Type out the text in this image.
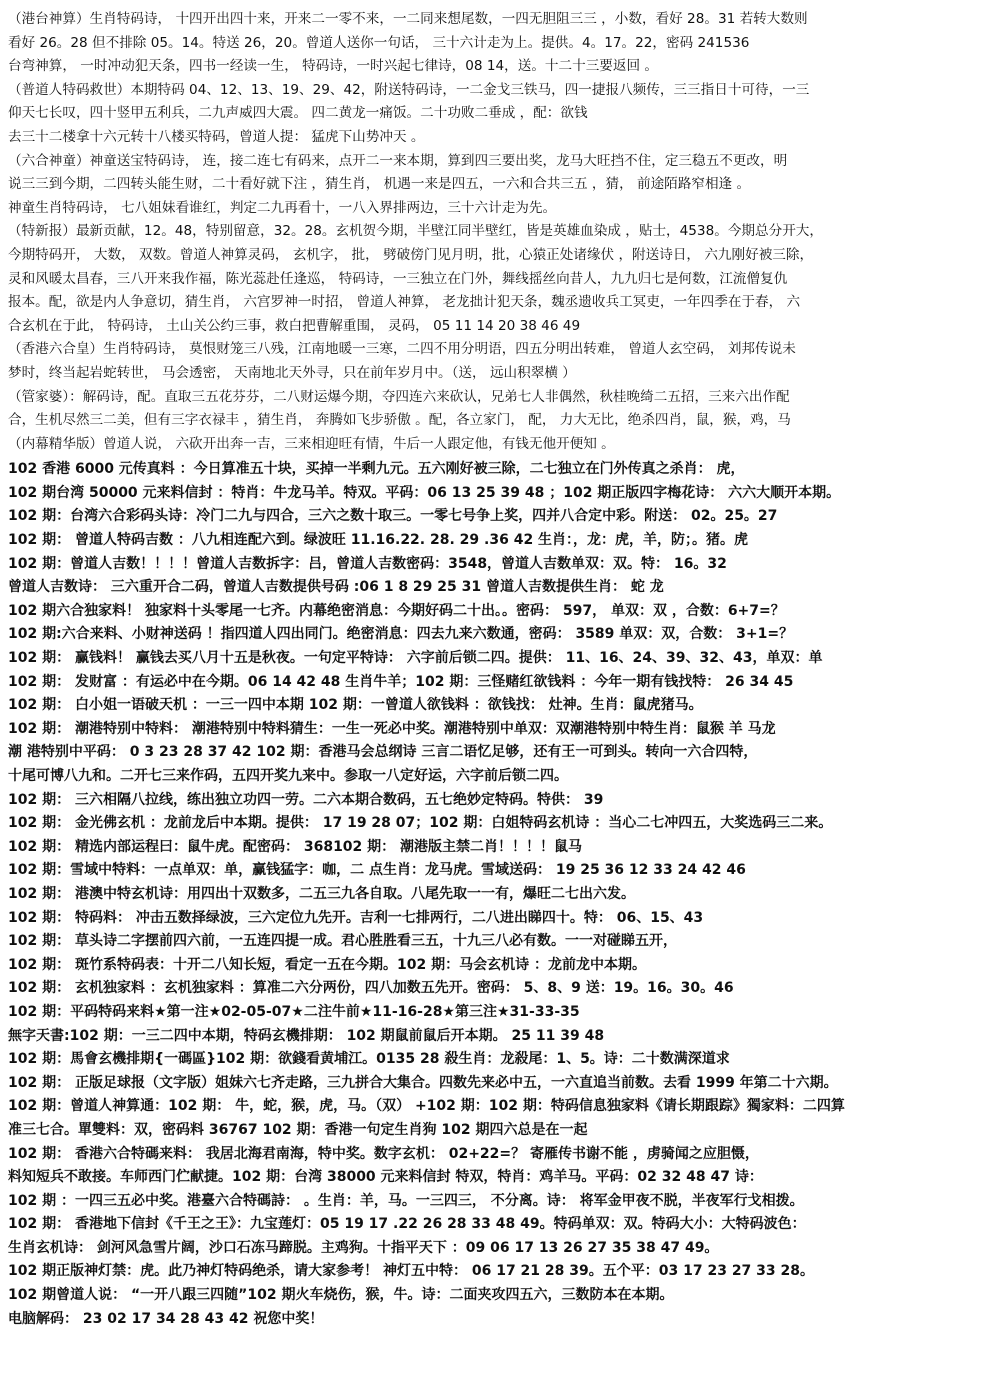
（港台神算）生肖特码诗， 十四开出四十来，开来二一零不来，一二同来想尾数，一四无胆阻三三 ，小数，看好 28。31 若转大数则
看好 26。28 但不排除 05。14。特送 26，20。曾道人送你一句话， 三十六计走为上。提供。4。17。22，密码 241536
台弯神算， 一时冲动犯天条，四书一经读一生， 特码诗，一时兴起七律诗，08 14，送。十二十三要返回 。
（普道人特码救世）本期特码 04、12、13、19、29、42，附送特码诗，一二金戈三铁马，四一捷报八频传，三三指日十可待，一三
仰天七长叹，四十竖甲五利兵，二九声威四大震。 四二黄龙一痛饭。二十功败二垂成 ，配：欲钱
去三十二楼拿十六元转十八楼买特码，曾道人提： 猛虎下山势冲天 。
（六合神童）神童送宝特码诗， 连，接二连七有码来，点开二一来本期，算到四三要出奖，龙马大旺挡不住，定三稳五不更改，明
说三三到今期，二四转头能生财，二十看好就下注 ，猜生肖， 机遇一来是四五，一六和合共三五 ，猜， 前途陌路窄相逢 。
神童生肖特码诗， 七八姐妹看谁红，判定二九再看十，一八入界排两边，三十六计走为先。
（特新报）最新贡献，12。48，特别留意，32。28。玄机贺今期，半壁江同半壁红，皆是英雄血染成 ，贴士，4538。今期总分开大，
今期特码开， 大数， 双数。曾道人神算灵码， 玄机字， 批， 劈破傍门见月明，批，心猿正处诸缘伏 ，附送诗日， 六九刚好被三除，
灵和风暖太昌春，三八开来我作福，陈光蕊赴任逢巡， 特码诗，一三独立在门外，舞线摇丝向昔人，九九归七是何数，江流僧复仇
报本。配，欲是内人争意切，猜生肖， 六宫罗神一时招， 曾道人神算， 老龙拙计犯天条，魏丞遗收兵工冥吏，一年四季在于春， 六
合玄机在于此， 特码诗， 土山关公约三事，救白把曹解重围， 灵码， 05 11 14 20 38 46 49
（香港六合皇）生肖特码诗， 莫恨财笼三八残，江南地暖一三寒，二四不用分明语，四五分明出转难， 曾道人玄空码， 刘邦传说未
梦时，终当起岩蛇转世， 马会透密， 天南地北天外寻，只在前年岁月中。（送， 远山积翠横 ）
（管家婆）：解码诗，配。直取三五花芬芬，二八财运爆今期，夺四连六来砍认，兄弟七人非偶然，秋桂晚绮二五招，三来六出作配
合，生机尽然三二美，但有三字衣禄丰 ，猜生肖， 奔腾如飞步骄傲 。配，各立家门， 配， 力大无比，绝杀四肖，鼠，猴，鸡，马
（内幕精华版）曾道人说， 六砍开出奔一吉，三来相迎旺有情，牛后一人跟定他，有钱无他开便知 。
102 香港 6000 元传真料 ：今日算准五十块，买掉一半剩九元。五六刚好被三除，二七独立在门外传真之杀肖： 虎，
102 期台湾 50000 元来料信封 ：特肖：牛龙马羊。特双。平码：06 13 25 39 48 ；102 期正版四字梅花诗： 六六大顺开本期。
102 期：台湾六合彩码头诗：冷门二九与四合，三六之数十取三。一零七号争上奖，四并八合定中彩。附送： 02。25。27
102 期： 曾道人特码吉数 ：八九相连配六到。绿波旺 11.16.22. 28. 29 .36 42 生肖：，龙：虎，羊，防；。猪。虎
102 期：曾道人吉数！！！！曾道人吉数拆字：吕，曾道人吉数密码：3548，曾道人吉数单双：双。特： 16。32
曾道人吉数诗： 三六重开合二码，曾道人吉数提供号码 :06 1 8 29 25 31 曾道人吉数提供生肖： 蛇 龙
102 期六合独家料！ 独家料十头零尾一七齐。内幕绝密消息：今期好码二十出。。密码： 597， 单双：双 ，合数：6+7=？
102 期:六合来料、小财神送码 ！指四道人四出同门。绝密消息：四去九来六数通，密码： 3589 单双：双，合数： 3+1=？
102 期： 赢钱料！ 赢钱去买八月十五是秋夜。一句定平特诗： 六字前后锁二四。提供： 11、16、24、39、32、43，单双：单
102 期： 发财富 ：有运必中在今期。06 14 42 48 生肖牛羊；102 期：三怪赌红欲钱料 ：今年一期有钱找特： 26 34 45
102 期： 白小姐一语破天机 ：一三一四中本期 102 期：一曾道人欲钱料 ：欲钱找： 灶神。生肖：鼠虎猪马。
102 期： 潮港特别中特料： 潮港特别中特料猜生：一生一死必中奖。潮港特别中单双：双潮港特别中特生肖：鼠猴 羊 马龙
潮 港特别中平码： 0 3 23 28 37 42 102 期：香港马会总纲诗 三言二语忆足够，还有王一可到头。转向一六合四特，
十尾可博八九和。二开七三来作码，五四开奖九来中。参取一八定好运，六字前后锁二四。
102 期： 三六相隔八拉线，练出独立功四一劳。二六本期合数码，五七绝妙定特码。特供： 39
102 期： 金光佛玄机 ：龙前龙后中本期。提供： 17 19 28 07；102 期：白姐特码玄机诗 ：当心二七冲四五，大奖选码三二来。
102 期： 精选内部运程曰：鼠牛虎。配密码： 368102 期： 潮港版主禁二肖！！！！鼠马
102 期：雪域中特料：一点单双：单，赢钱猛字：咖，二 点生肖：龙马虎。雪域送码： 19 25 36 12 33 24 42 46
102 期： 港澳中特玄机诗：用四出十双数多，二五三九各自取。八尾先取一一有，爆旺二七出六发。
102 期： 特码料： 冲击五数择绿波，三六定位九先开。吉利一七排两行，二八进出睇四十。特： 06、15、43
102 期： 草头诗二字摆前四六前，一五连四提一成。君心胜胜看三五，十九三八必有数。一一对碰睇五开，
102 期： 斑竹系特码表：十开二八知长短，看定一五在今期。102 期：马会玄机诗 ：龙前龙中本期。
102 期： 玄机独家料 ：玄机独家料 ：算准二六分两份，四八加数五先开。密码： 5、8、9 送：19。16。30。46
102 期：平码特码来料★第一注★02-05-07★二注牛前★11-16-28★第三注★31-33-35
無字天書:102 期：一三二四中本期，特码玄機排期： 102 期鼠前鼠后开本期。 25 11 39 48
102 期：馬會玄機排期{一碼區}102 期：欲錢看黄埔江。0135 28 殺生肖：龙殺尾：1、5。诗：二十数满深道求
102 期： 正版足球报（文字版）姐妹六七齐走路，三九拼合大集合。四数先来必中五，一六直追当前数。去看 1999 年第二十六期。
102 期：曾道人神算通：102 期： 牛，蛇，猴，虎，马。（双） +102 期：102 期：特码信息独家料《请长期跟踪》獨家料：二四算
准三七合。單雙料：双，密码料 36767 102 期：香港一句定生肖狗 102 期四六总是在一起
102 期： 香港六合特碼来料： 我居北海君南海，特中奖。数字玄机： 02+22=？ 寄雁传书谢不能 ，虏骑闻之应胆慑，
料知短兵不敢接。车师西门伫献捷。102 期：台湾 38000 元来料信封 特双，特肖：鸡羊马。平码：02 32 48 47 诗：
102 期 ：一四三五必中奖。港臺六合特碼詩： 。生肖：羊，马。一三四三， 不分离。诗： 将军金甲夜不脱，半夜军行戈相拨。
102 期： 香港地下信封《千王之王》：九宝莲灯：05 19 17 .22 26 28 33 48 49。特码单双：双。特码大小：大特码波色：
生肖玄机诗： 剑河风急雪片阔，沙口石冻马蹄脱。主鸡狗。十指平天下 ：09 06 17 13 26 27 35 38 47 49。
102 期正版神灯禁：虎。此乃神灯特码绝杀，请大家参考！ 神灯五中特： 06 17 21 28 39。五个平：03 17 23 27 33 28。
102 期曾道人说： “一开八跟三四随”102 期火车烧伤，猴，牛。诗：二面夹攻四五六，三数防本在本期。
电脑解码： 23 02 17 34 28 43 42 祝您中奖！
